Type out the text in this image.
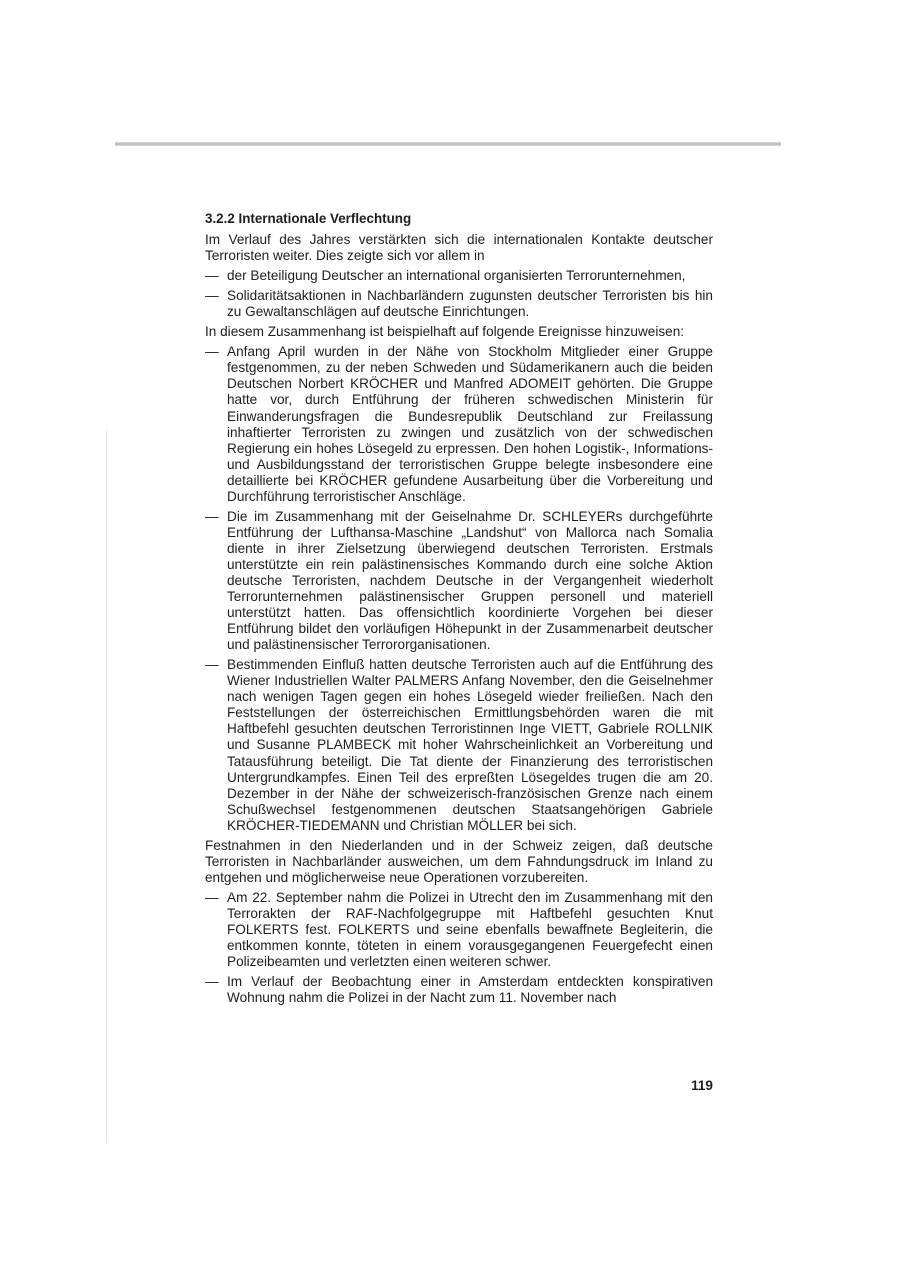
3.2.2 Internationale Verflechtung

Im Verlauf des Jahres verstärkten sich die internationalen Kontakte deutscher Terroristen weiter. Dies zeigte sich vor allem in

— der Beteiligung Deutscher an international organisierten Terrorunternehmen,
— Solidaritätsaktionen in Nachbarländern zugunsten deutscher Terroristen bis hin zu Gewaltanschlägen auf deutsche Einrichtungen.

In diesem Zusammenhang ist beispielhaft auf folgende Ereignisse hinzuweisen:

— Anfang April wurden in der Nähe von Stockholm Mitglieder einer Gruppe festgenommen, zu der neben Schweden und Südamerikanern auch die beiden Deutschen Norbert KRÖCHER und Manfred ADOMEIT gehörten. Die Gruppe hatte vor, durch Entführung der früheren schwedischen Ministerin für Einwanderungsfragen die Bundesrepublik Deutschland zur Freilassung inhaftierter Terroristen zu zwingen und zusätzlich von der schwedischen Regierung ein hohes Lösegeld zu erpressen. Den hohen Logistik-, Informations- und Ausbildungsstand der terroristischen Gruppe belegte insbesondere eine detaillierte bei KRÖCHER gefundene Ausarbeitung über die Vorbereitung und Durchführung terroristischer Anschläge.
— Die im Zusammenhang mit der Geiselnahme Dr. SCHLEYERs durchgeführte Entführung der Lufthansa-Maschine „Landshut“ von Mallorca nach Somalia diente in ihrer Zielsetzung überwiegend deutschen Terroristen. Erstmals unterstützte ein rein palästinensisches Kommando durch eine solche Aktion deutsche Terroristen, nachdem Deutsche in der Vergangenheit wiederholt Terrorunternehmen palästinensischer Gruppen personell und materiell unterstützt hatten. Das offensichtlich koordinierte Vorgehen bei dieser Entführung bildet den vorläufigen Höhepunkt in der Zusammenarbeit deutscher und palästinensischer Terrororganisationen.
— Bestimmenden Einfluß hatten deutsche Terroristen auch auf die Entführung des Wiener Industriellen Walter PALMERS Anfang November, den die Geiselnehmer nach wenigen Tagen gegen ein hohes Lösegeld wieder freiließen. Nach den Feststellungen der österreichischen Ermittlungsbehörden waren die mit Haftbefehl gesuchten deutschen Terroristinnen Inge VIETT, Gabriele ROLLNIK und Susanne PLAMBECK mit hoher Wahrscheinlichkeit an Vorbereitung und Tatausführung beteiligt. Die Tat diente der Finanzierung des terroristischen Untergrundkampfes. Einen Teil des erpreßten Lösegeldes trugen die am 20. Dezember in der Nähe der schweizerisch-französischen Grenze nach einem Schußwechsel festgenommenen deutschen Staatsangehörigen Gabriele KRÖCHER-TIEDEMANN und Christian MÖLLER bei sich.

Festnahmen in den Niederlanden und in der Schweiz zeigen, daß deutsche Terroristen in Nachbarländer ausweichen, um dem Fahndungsdruck im Inland zu entgehen und möglicherweise neue Operationen vorzubereiten.

— Am 22. September nahm die Polizei in Utrecht den im Zusammenhang mit den Terrorakten der RAF-Nachfolgegruppe mit Haftbefehl gesuchten Knut FOLKERTS fest. FOLKERTS und seine ebenfalls bewaffnete Begleiterin, die entkommen konnte, töteten in einem vorausgegangenen Feuergefecht einen Polizeibeamten und verletzten einen weiteren schwer.
— Im Verlauf der Beobachtung einer in Amsterdam entdeckten konspirativen Wohnung nahm die Polizei in der Nacht zum 11. November nach
119
